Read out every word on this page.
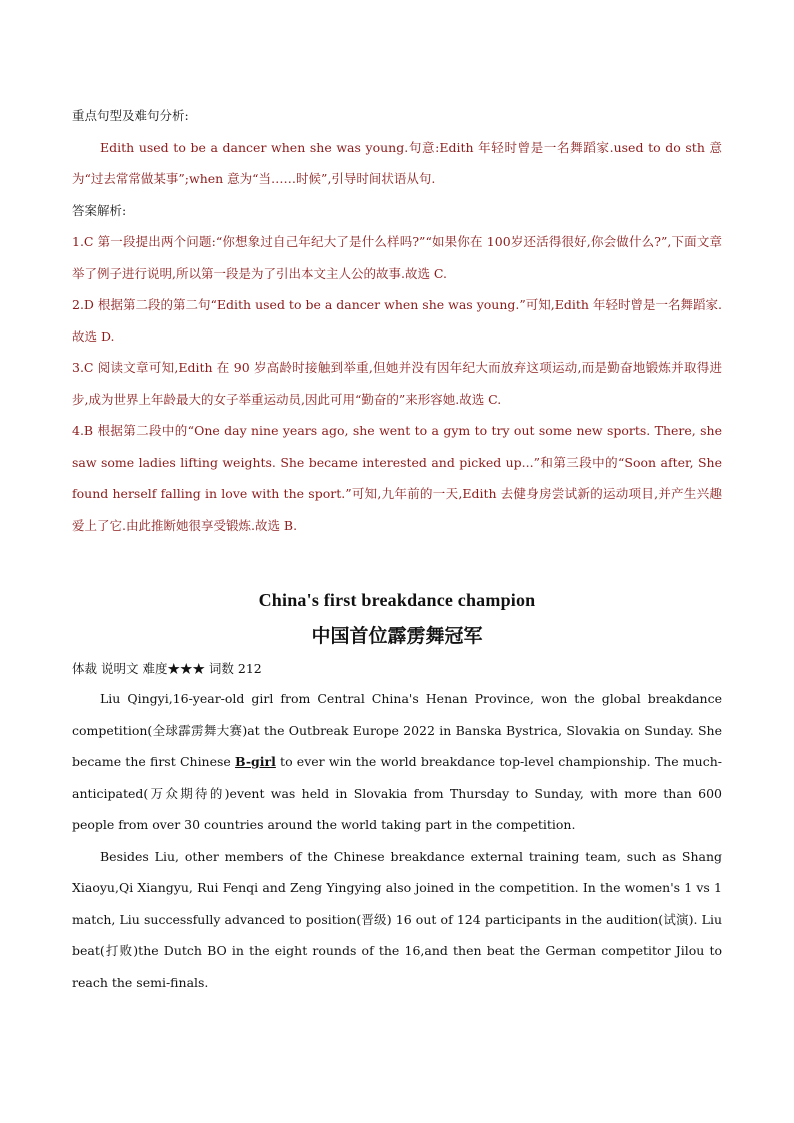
重点句型及难句分析:

Edith used to be a dancer when she was young.句意:Edith 年轻时曾是一名舞蹈家.used to do sth 意为“过去常常做某事”;when 意为“当……时候”,引导时间状语从句.

答案解析:

1.C 第一段提出两个问题:“你想象过自己年纪大了是什么样吗?”“如果你在 100岁还活得很好,你会做什么?”,下面文章举了例子进行说明,所以第一段是为了引出本文主人公的故事.故选 C.

2.D 根据第二段的第二句“Edith used to be a dancer when she was young.”可知,Edith 年轻时曾是一名舞蹈家.故选 D.

3.C 阅读文章可知,Edith 在 90 岁高龄时接触到举重,但她并没有因年纪大而放弃这项运动,而是勤奋地锻炼并取得进步,成为世界上年龄最大的女子举重运动员,因此可用“勤奋的”来形容她.故选 C.

4.B 根据第二段中的“One day nine years ago, she went to a gym to try out some new sports. There, she saw some ladies lifting weights. She became interested and picked up...”和第三段中的“Soon after, She found herself falling in love with the sport.”可知,九年前的一天,Edith 去健身房尝试新的运动项目,并产生兴趣爱上了它.由此推断她很享受锻炼.故选 B.

China's first breakdance champion
中国首位霹雳舞冠军

体裁 说明文 难度★★★ 词数 212

Liu Qingyi,16-year-old girl from Central China's Henan Province, won the global breakdance competition(全球霹雳舞大赛)at the Outbreak Europe 2022 in Banska Bystrica, Slovakia on Sunday. She became the first Chinese B-girl to ever win the world breakdance top-level championship. The much-anticipated(万众期待的)event was held in Slovakia from Thursday to Sunday, with more than 600 people from over 30 countries around the world taking part in the competition.

Besides Liu, other members of the Chinese breakdance external training team, such as Shang Xiaoyu,Qi Xiangyu, Rui Fenqi and Zeng Yingying also joined in the competition. In the women's 1 vs 1 match, Liu successfully advanced to position(晋级) 16 out of 124 participants in the audition(试演). Liu beat(打败)the Dutch BO in the eight rounds of the 16,and then beat the German competitor Jilou to reach the semi-finals.
